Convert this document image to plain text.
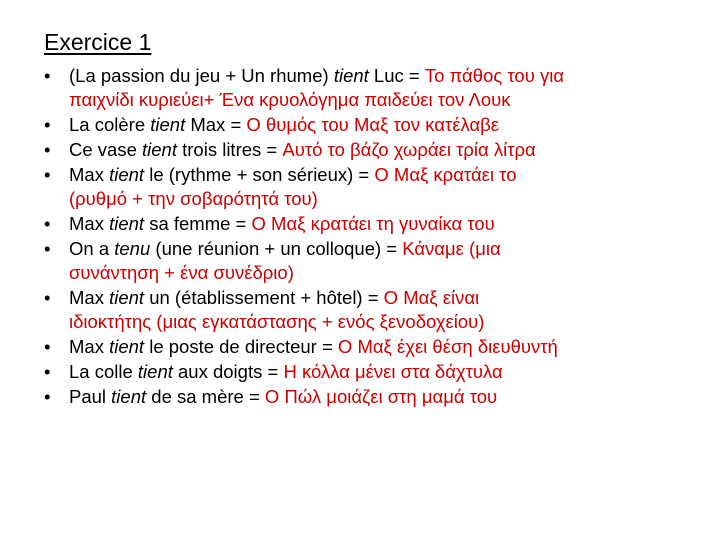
Exercice 1
•	(La passion du jeu + Un rhume) tient Luc = Το πάθος του για
παιχνίδι κυριεύει+ Ένα κρυολόγημα παιδεύει τον Λουκ
•	La colère tient Max = Ο θυμός του Μαξ τον κατέλαβε
•	Ce vase tient trois litres = Αυτό το βάζο χωράει τρία λίτρα
•	Max tient le (rythme + son sérieux) = Ο Μαξ κρατάει το
(ρυθμό + την σοβαρότητά του)
•	Max tient sa femme = Ο Μαξ κρατάει τη γυναίκα του
•	On a tenu (une réunion + un colloque) = Κάναμε (μια
συνάντηση + ένα συνέδριο)
•	Max tient un (établissement + hôtel) = Ο Μαξ είναι
ιδιοκτήτης (μιας εγκατάστασης + ενός ξενοδοχείου)
•	Max tient le poste de directeur = Ο Μαξ έχει θέση διευθυντή
•	La colle tient aux doigts = Η κόλλα μένει στα δάχτυλα
•	Paul tient de sa mère = Ο Πώλ μοιάζει στη μαμά του
